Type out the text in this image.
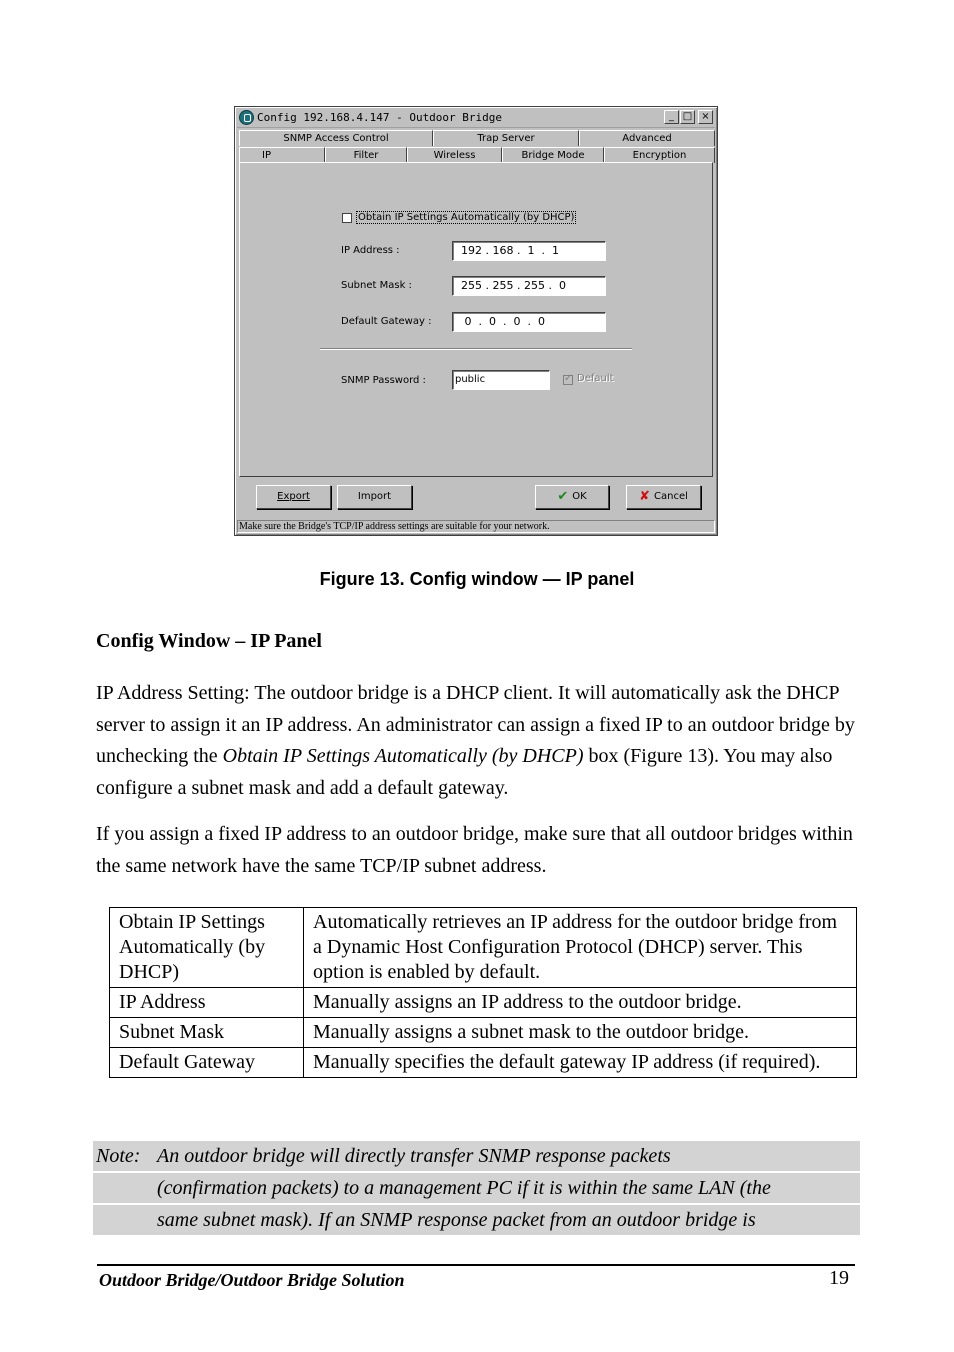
Config 192.168.4.147 - Outdoor Bridge	_ □ ×
SNMP Access Control	Trap Server	Advanced
IP	Filter	Wireless	Bridge Mode	Encryption
Obtain IP Settings Automatically (by DHCP)
IP Address :	192 . 168 .  1  .  1
Subnet Mask :	255 . 255 . 255 .  0
Default Gateway :	0  .  0  .  0  .  0
SNMP Password :	public ✓	Default
Export	Import	✔ OK	✘ Cancel
Make sure the Bridge's TCP/IP address settings are suitable for your network.
Figure 13. Config window — IP panel
Config Window – IP Panel

IP Address Setting: The outdoor bridge is a DHCP client. It will automatically ask the DHCP server to assign it an IP address. An administrator can assign a fixed IP to an outdoor bridge by unchecking the Obtain IP Settings Automatically (by DHCP) box (Figure 13). You may also configure a subnet mask and add a default gateway.

If you assign a fixed IP address to an outdoor bridge, make sure that all outdoor bridges within the same network have the same TCP/IP subnet address.

Obtain IP Settings Automatically (by DHCP)	Automatically retrieves an IP address for the outdoor bridge from a Dynamic Host Configuration Protocol (DHCP) server. This option is enabled by default.
IP Address	Manually assigns an IP address to the outdoor bridge.
Subnet Mask	Manually assigns a subnet mask to the outdoor bridge.
Default Gateway	Manually specifies the default gateway IP address (if required).
Note: An outdoor bridge will directly transfer SNMP response packets
(confirmation packets) to a management PC if it is within the same LAN (the
same subnet mask). If an SNMP response packet from an outdoor bridge is
Outdoor Bridge/Outdoor Bridge Solution	19
